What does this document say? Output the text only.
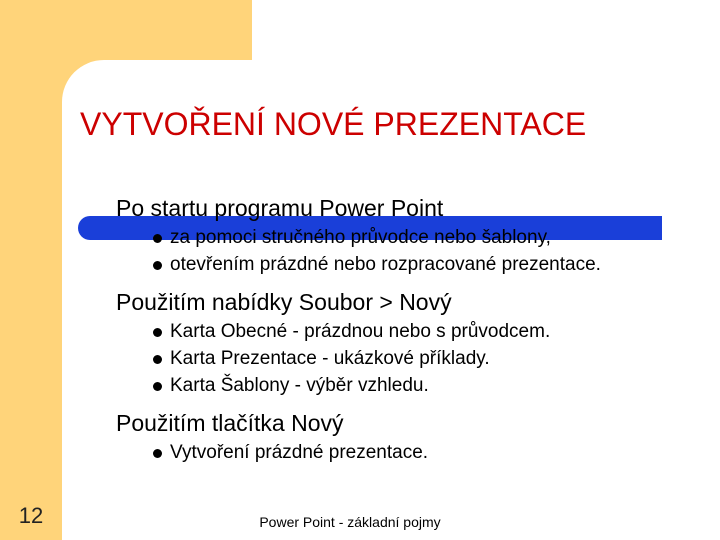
VYTVOŘENÍ NOVÉ PREZENTACE
Po startu programu Power Point
za pomoci stručného průvodce nebo šablony,
otevřením prázdné nebo rozpracované prezentace.
Použitím nabídky Soubor > Nový
Karta Obecné - prázdnou nebo s průvodcem.
Karta Prezentace - ukázkové příklady.
Karta Šablony - výběr vzhledu.
Použitím tlačítka Nový
Vytvoření prázdné prezentace.
12	Power Point - základní pojmy
